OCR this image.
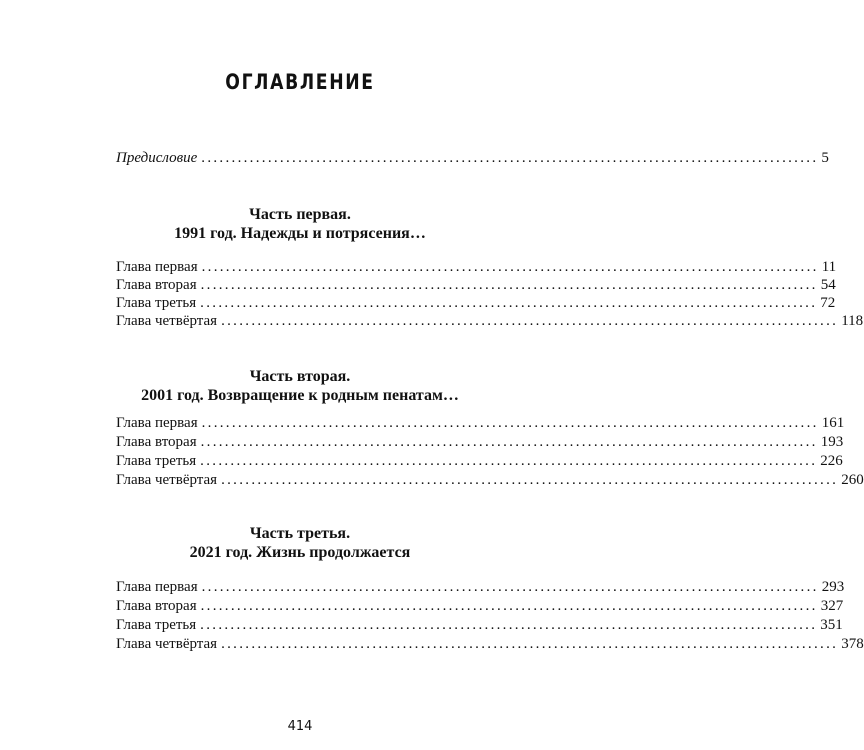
ОГЛАВЛЕНИЕ
Предисловие ...................................................................................................... 5
Часть первая.
1991 год. Надежды и потрясения…
Глава первая ...................................................................................................... 11
Глава вторая ...................................................................................................... 54
Глава третья ...................................................................................................... 72
Глава четвёртая ...................................................................................................... 118
Часть вторая.
2001 год. Возвращение к родным пенатам…
Глава первая ...................................................................................................... 161
Глава вторая ...................................................................................................... 193
Глава третья ...................................................................................................... 226
Глава четвёртая ...................................................................................................... 260
Часть третья.
2021 год. Жизнь продолжается
Глава первая ...................................................................................................... 293
Глава вторая ...................................................................................................... 327
Глава третья ...................................................................................................... 351
Глава четвёртая ...................................................................................................... 378
414
